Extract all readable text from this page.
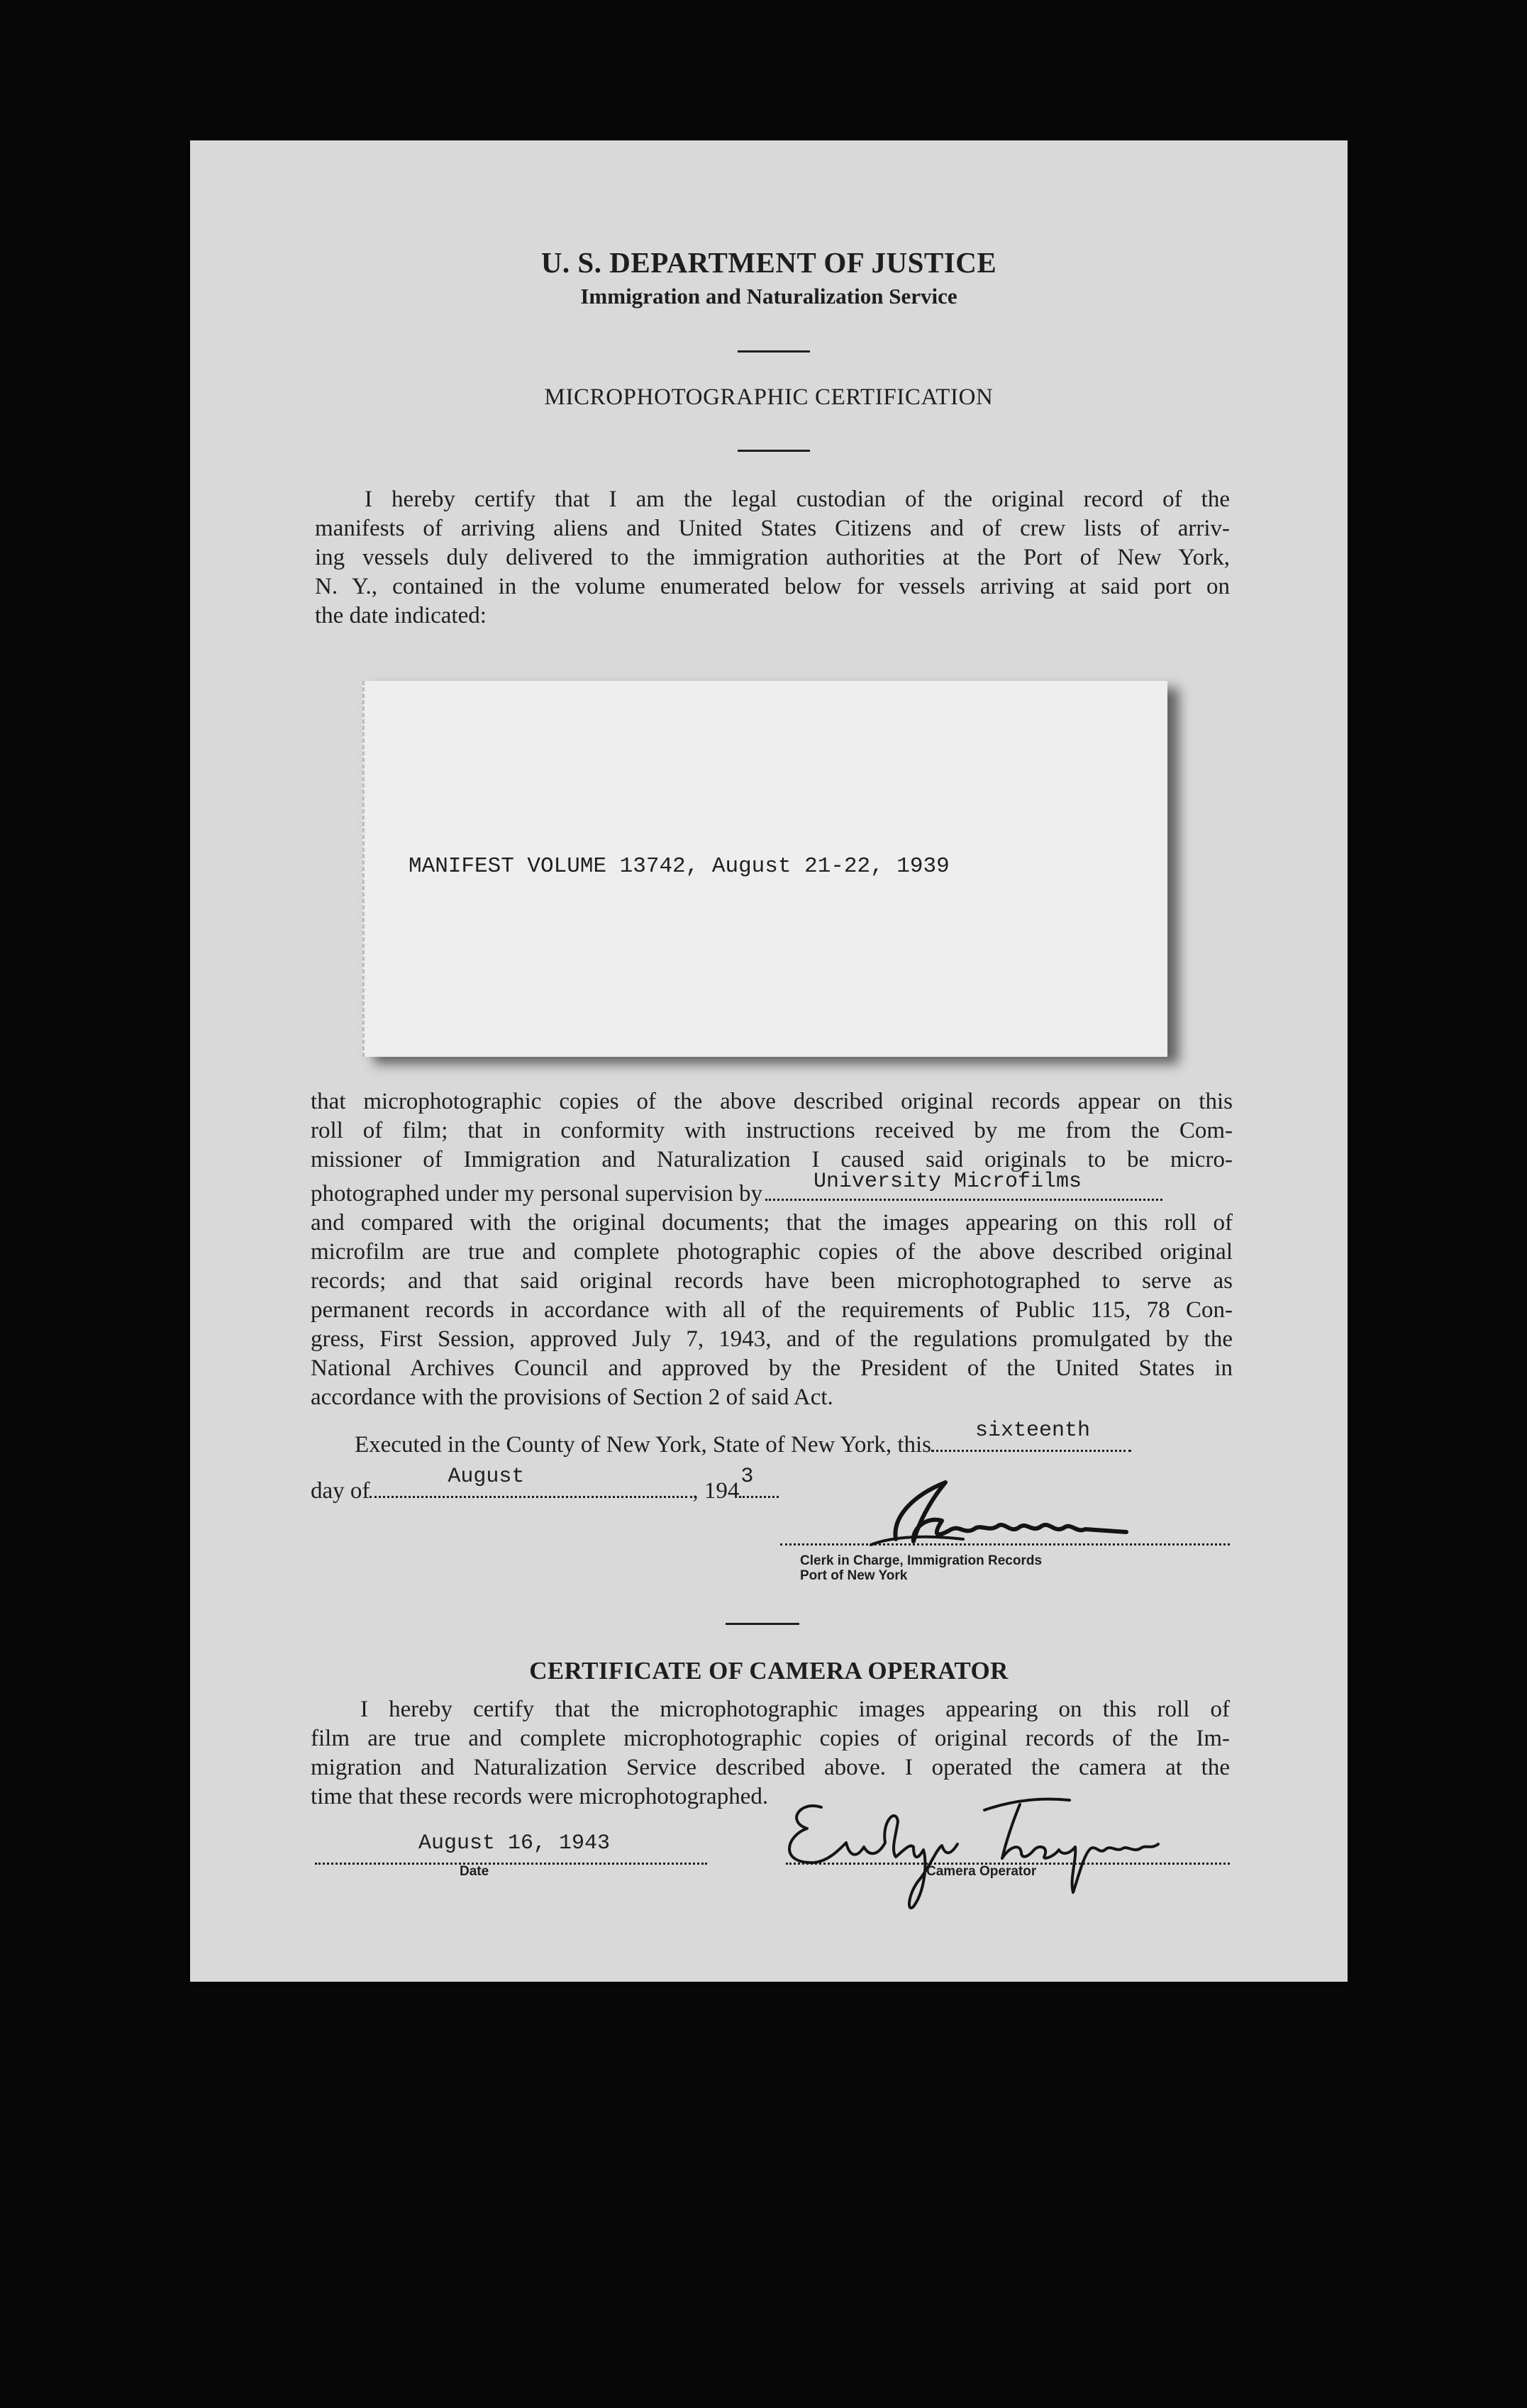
U. S. DEPARTMENT OF JUSTICE
Immigration and Naturalization Service
MICROPHOTOGRAPHIC CERTIFICATION
I hereby certify that I am the legal custodian of the original record of the
manifests of arriving aliens and United States Citizens and of crew lists of arriv-
ing vessels duly delivered to the immigration authorities at the Port of New York,
N. Y., contained in the volume enumerated below for vessels arriving at said port on
the date indicated:
MANIFEST VOLUME 13742, August 21-22, 1939
that microphotographic copies of the above described original records appear on this
roll of film; that in conformity with instructions received by me from the Com-
missioner of Immigration and Naturalization I caused said originals to be micro-
photographed under my personal supervision by University Microfilms
and compared with the original documents; that the images appearing on this roll of
microfilm are true and complete photographic copies of the above described original
records; and that said original records have been microphotographed to serve as
permanent records in accordance with all of the requirements of Public 115, 78 Con-
gress, First Session, approved July 7, 1943, and of the regulations promulgated by the
National Archives Council and approved by the President of the United States in
accordance with the provisions of Section 2 of said Act.
Executed in the County of New York, State of New York, this
sixteenth
day of
August
, 194
3
Clerk in Charge, Immigration Records
Port of New York
CERTIFICATE OF CAMERA OPERATOR
I hereby certify that the microphotographic images appearing on this roll of
film are true and complete microphotographic copies of original records of the Im-
migration and Naturalization Service described above. I operated the camera at the
time that these records were microphotographed.
August 16, 1943
Date	Camera Operator
